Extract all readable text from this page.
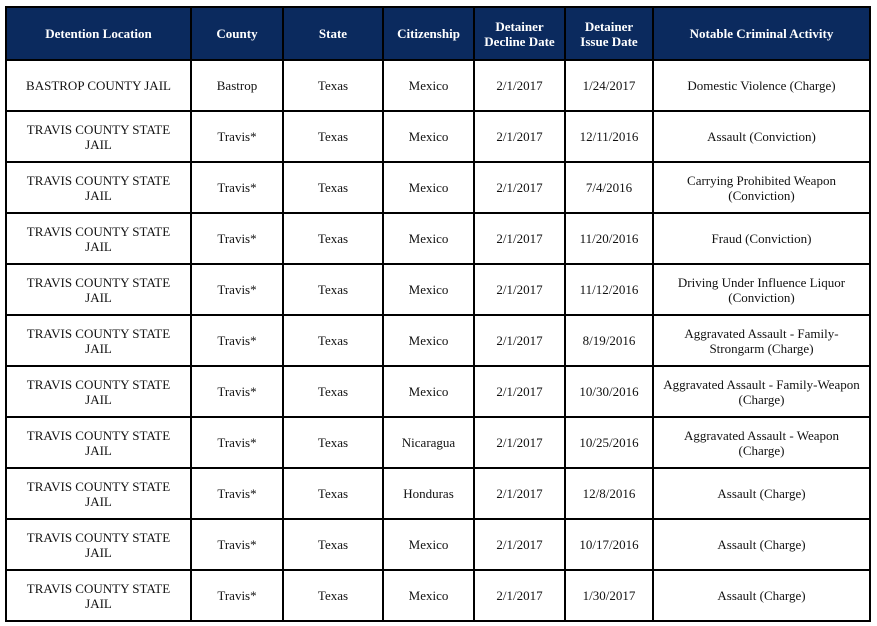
Detention Location	County	State	Citizenship	Detainer Decline Date	Detainer Issue Date	Notable Criminal Activity
BASTROP COUNTY JAIL	Bastrop	Texas	Mexico	2/1/2017	1/24/2017	Domestic Violence (Charge)
TRAVIS COUNTY STATE JAIL	Travis*	Texas	Mexico	2/1/2017	12/11/2016	Assault (Conviction)
TRAVIS COUNTY STATE JAIL	Travis*	Texas	Mexico	2/1/2017	7/4/2016	Carrying Prohibited Weapon (Conviction)
TRAVIS COUNTY STATE JAIL	Travis*	Texas	Mexico	2/1/2017	11/20/2016	Fraud (Conviction)
TRAVIS COUNTY STATE JAIL	Travis*	Texas	Mexico	2/1/2017	11/12/2016	Driving Under Influence Liquor (Conviction)
TRAVIS COUNTY STATE JAIL	Travis*	Texas	Mexico	2/1/2017	8/19/2016	Aggravated Assault - Family-Strongarm (Charge)
TRAVIS COUNTY STATE JAIL	Travis*	Texas	Mexico	2/1/2017	10/30/2016	Aggravated Assault - Family-Weapon (Charge)
TRAVIS COUNTY STATE JAIL	Travis*	Texas	Nicaragua	2/1/2017	10/25/2016	Aggravated Assault - Weapon (Charge)
TRAVIS COUNTY STATE JAIL	Travis*	Texas	Honduras	2/1/2017	12/8/2016	Assault (Charge)
TRAVIS COUNTY STATE JAIL	Travis*	Texas	Mexico	2/1/2017	10/17/2016	Assault (Charge)
TRAVIS COUNTY STATE JAIL	Travis*	Texas	Mexico	2/1/2017	1/30/2017	Assault (Charge)
